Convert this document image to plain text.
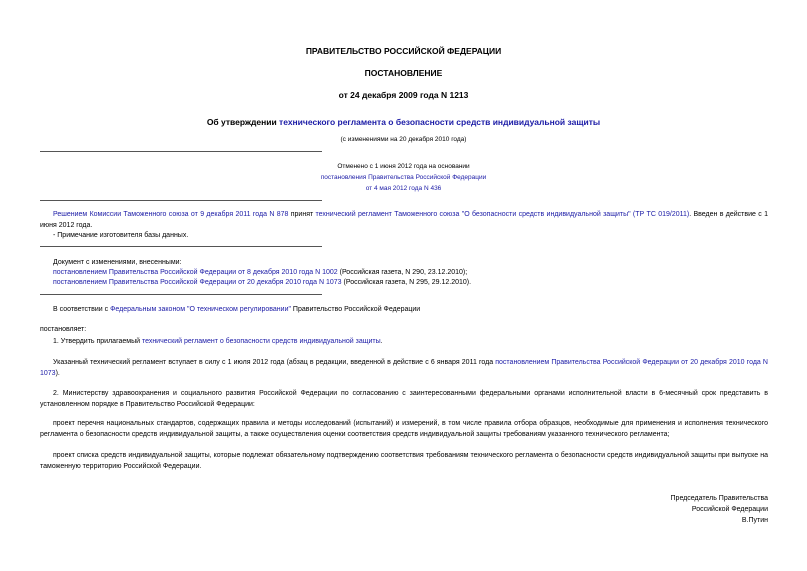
ПРАВИТЕЛЬСТВО РОССИЙСКОЙ ФЕДЕРАЦИИ
ПОСТАНОВЛЕНИЕ
от 24 декабря 2009 года N 1213
Об утверждении технического регламента о безопасности средств индивидуальной защиты
(с изменениями на 20 декабря 2010 года)
Отменено с 1 июня 2012 года на основании
постановления Правительства Российской Федерации
от 4 мая 2012 года N 436
Решением Комиссии Таможенного союза от 9 декабря 2011 года N 878 принят технический регламент Таможенного союза "О безопасности средств индивидуальной защиты" (ТР ТС 019/2011). Введен в действие с 1 июня 2012 года.
- Примечание изготовителя базы данных.
Документ с изменениями, внесенными:
постановлением Правительства Российской Федерации от 8 декабря 2010 года N 1002 (Российская газета, N 290, 23.12.2010);
постановлением Правительства Российской Федерации от 20 декабря 2010 года N 1073 (Российская газета, N 295, 29.12.2010).
В соответствии с Федеральным законом "О техническом регулировании" Правительство Российской Федерации
постановляет:
1. Утвердить прилагаемый технический регламент о безопасности средств индивидуальной защиты.
Указанный технический регламент вступает в силу с 1 июля 2012 года (абзац в редакции, введенной в действие с 6 января 2011 года постановлением Правительства Российской Федерации от 20 декабря 2010 года N 1073).
2. Министерству здравоохранения и социального развития Российской Федерации по согласованию с заинтересованными федеральными органами исполнительной власти в 6-месячный срок представить в установленном порядке в Правительство Российской Федерации:
проект перечня национальных стандартов, содержащих правила и методы исследований (испытаний) и измерений, в том числе правила отбора образцов, необходимые для применения и исполнения технического регламента о безопасности средств индивидуальной защиты, а также осуществления оценки соответствия средств индивидуальной защиты требованиям указанного технического регламента;
проект списка средств индивидуальной защиты, которые подлежат обязательному подтверждению соответствия требованиям технического регламента о безопасности средств индивидуальной защиты при выпуске на таможенную территорию Российской Федерации.
Председатель Правительства
Российской Федерации
В.Путин
